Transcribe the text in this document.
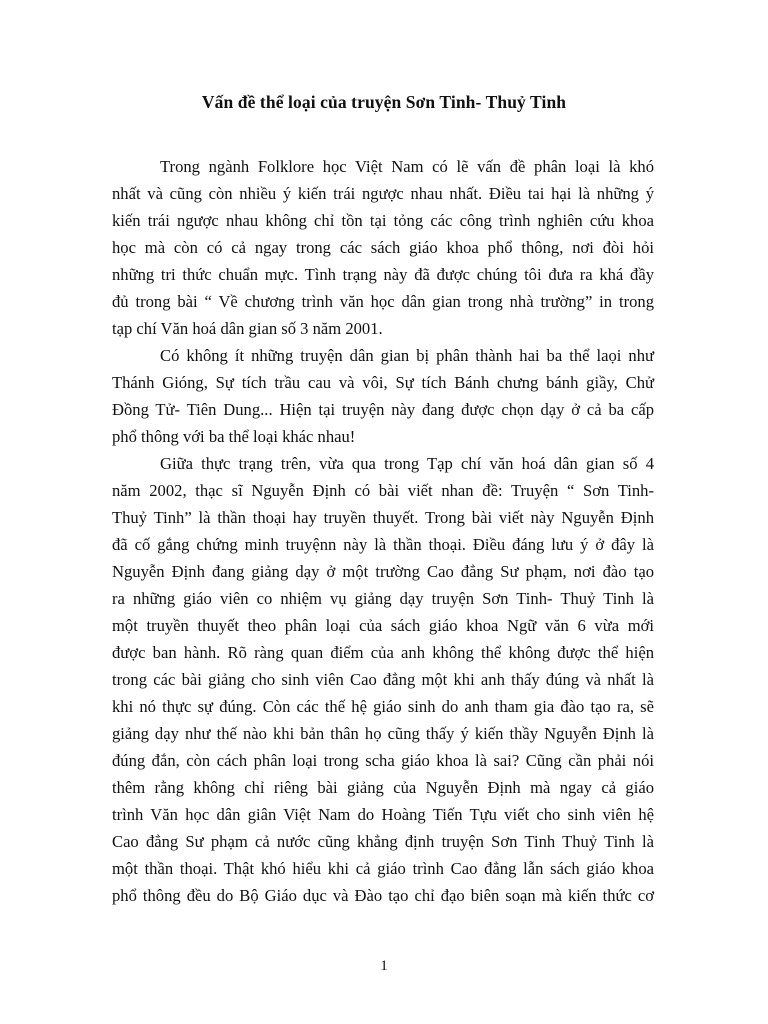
Vấn đề thể loại của truyện Sơn Tinh- Thuỷ Tinh
Trong ngành Folklore học Việt Nam có lẽ vấn đề phân loại là khó
nhất và cũng còn nhiều ý kiến trái ngược nhau nhất. Điều tai hại là những ý
kiến trái ngược nhau không chỉ tồn tại tỏng các công trình nghiên cứu khoa
học mà còn có cả ngay trong các sách giáo khoa phổ thông, nơi đòi hỏi
những tri thức chuẩn mực. Tình trạng này đã được chúng tôi đưa ra khá đầy
đủ trong bài “ Về chương trình văn học dân gian trong nhà trường” in trong
tạp chí Văn hoá dân gian số 3 năm 2001.
Có không ít những truyện dân gian bị phân thành hai ba thể laọi như
Thánh Gióng, Sự tích trầu cau và vôi, Sự tích Bánh chưng bánh giầy, Chử
Đồng Tử- Tiên Dung... Hiện tại truyện này đang được chọn dạy ở cả ba cấp
phổ thông với ba thể loại khác nhau!
Giữa thực trạng trên, vừa qua trong Tạp chí văn hoá dân gian số 4
năm 2002, thạc sĩ Nguyễn Định có bài viết nhan đề: Truyện “ Sơn Tinh-
Thuỷ Tinh” là thần thoại hay truyền thuyết. Trong bài viết này Nguyễn Định
đã cố gắng chứng minh truyệnn này là thần thoại. Điều đáng lưu ý ở đây là
Nguyễn Định đang giảng dạy ở một trường Cao đẳng Sư phạm, nơi đào tạo
ra những giáo viên co nhiệm vụ giảng dạy truyện Sơn Tinh- Thuỷ Tinh là
một truyền thuyết theo phân loại của sách giáo khoa Ngữ văn 6 vừa mới
được ban hành. Rõ ràng quan điểm của anh không thể không được thể hiện
trong các bài giảng cho sinh viên Cao đẳng một khi anh thấy đúng và nhất là
khi nó thực sự đúng. Còn các thế hệ giáo sinh do anh tham gia đào tạo ra, sẽ
giảng dạy như thế nào khi bản thân họ cũng thấy ý kiến thầy Nguyễn Định là
đúng đắn, còn cách phân loại trong scha giáo khoa là sai? Cũng cần phải nói
thêm rằng không chỉ riêng bài giảng của Nguyễn Định mà ngay cả giáo
trình Văn học dân giân Việt Nam do Hoàng Tiến Tựu viết cho sinh viên hệ
Cao đẳng Sư phạm cả nước cũng khẳng định truyện Sơn Tinh Thuỷ Tinh là
một thần thoại. Thật khó hiểu khi cả giáo trình Cao đẳng lẫn sách giáo khoa
phổ thông đều do Bộ Giáo dục và Đào tạo chỉ đạo biên soạn mà kiến thức cơ
1
